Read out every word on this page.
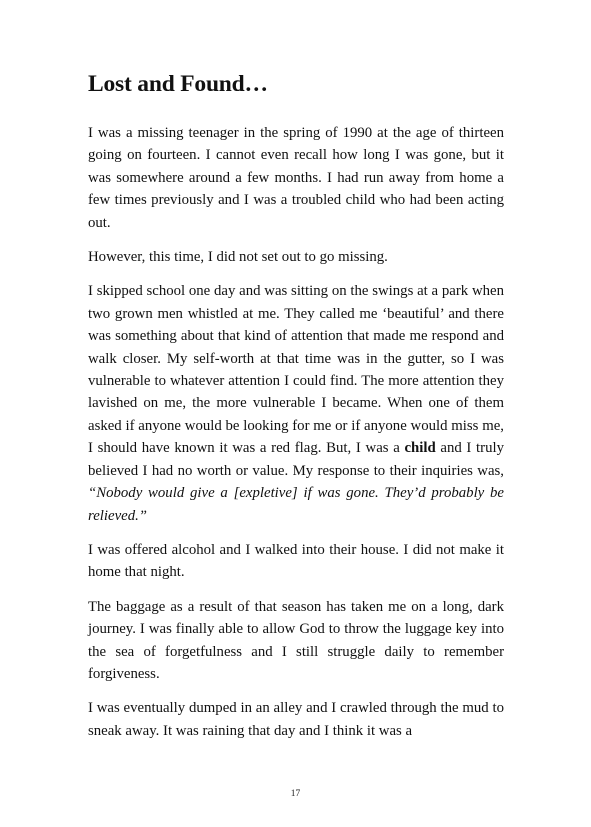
Lost and Found…

I was a missing teenager in the spring of 1990 at the age of thirteen going on fourteen. I cannot even recall how long I was gone, but it was somewhere around a few months. I had run away from home a few times previously and I was a troubled child who had been acting out.

However, this time, I did not set out to go missing.

I skipped school one day and was sitting on the swings at a park when two grown men whistled at me. They called me ‘beautiful’ and there was something about that kind of attention that made me respond and walk closer. My self-worth at that time was in the gutter, so I was vulnerable to whatever attention I could find. The more attention they lavished on me, the more vulnerable I became. When one of them asked if anyone would be looking for me or if anyone would miss me, I should have known it was a red flag. But, I was a child and I truly believed I had no worth or value. My response to their inquiries was, “Nobody would give a [expletive] if was gone. They’d probably be relieved.”

I was offered alcohol and I walked into their house. I did not make it home that night.

The baggage as a result of that season has taken me on a long, dark journey. I was finally able to allow God to throw the luggage key into the sea of forgetfulness and I still struggle daily to remember forgiveness.

I was eventually dumped in an alley and I crawled through the mud to sneak away. It was raining that day and I think it was a

17
